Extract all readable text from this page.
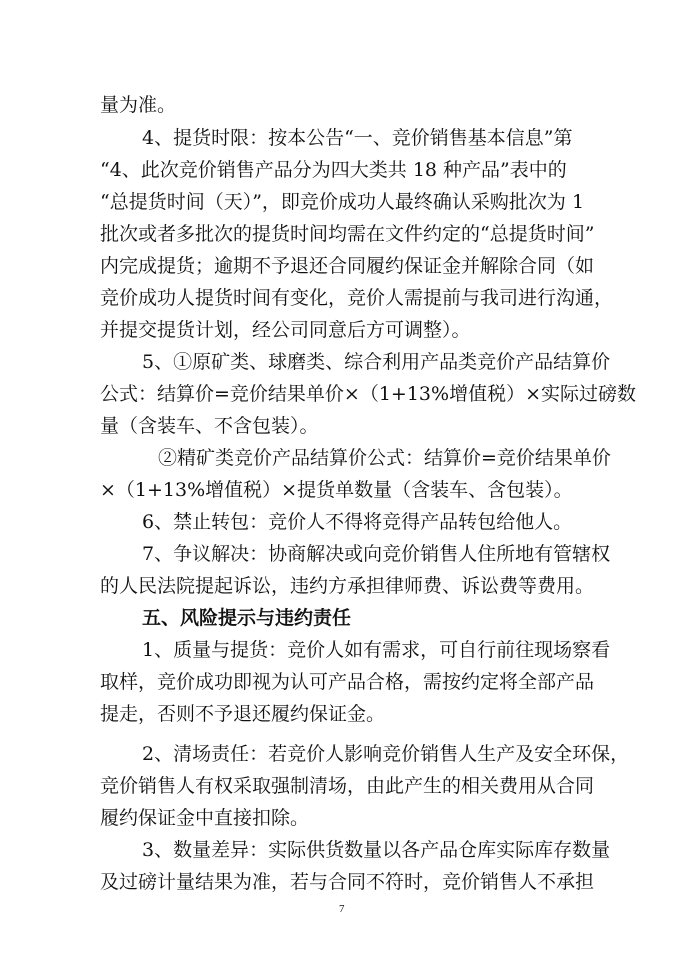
量为准。
4、提货时限：按本公告“一、竞价销售基本信息”第
“4、此次竞价销售产品分为四大类共 18 种产品”表中的
“总提货时间（天）”，即竞价成功人最终确认采购批次为 1
批次或者多批次的提货时间均需在文件约定的“总提货时间”
内完成提货；逾期不予退还合同履约保证金并解除合同（如
竞价成功人提货时间有变化，竞价人需提前与我司进行沟通，
并提交提货计划，经公司同意后方可调整）。
5、①原矿类、球磨类、综合利用产品类竞价产品结算价
公式：结算价=竞价结果单价×（1+13%增值税）×实际过磅数
量（含装车、不含包装）。
②精矿类竞价产品结算价公式：结算价=竞价结果单价
×（1+13%增值税）×提货单数量（含装车、含包装）。
6、禁止转包：竞价人不得将竞得产品转包给他人。
7、争议解决：协商解决或向竞价销售人住所地有管辖权
的人民法院提起诉讼，违约方承担律师费、诉讼费等费用。
五、风险提示与违约责任
1、质量与提货：竞价人如有需求，可自行前往现场察看
取样，竞价成功即视为认可产品合格，需按约定将全部产品
提走，否则不予退还履约保证金。
2、清场责任：若竞价人影响竞价销售人生产及安全环保，
竞价销售人有权采取强制清场，由此产生的相关费用从合同
履约保证金中直接扣除。
3、数量差异：实际供货数量以各产品仓库实际库存数量
及过磅计量结果为准，若与合同不符时，竞价销售人不承担
7
